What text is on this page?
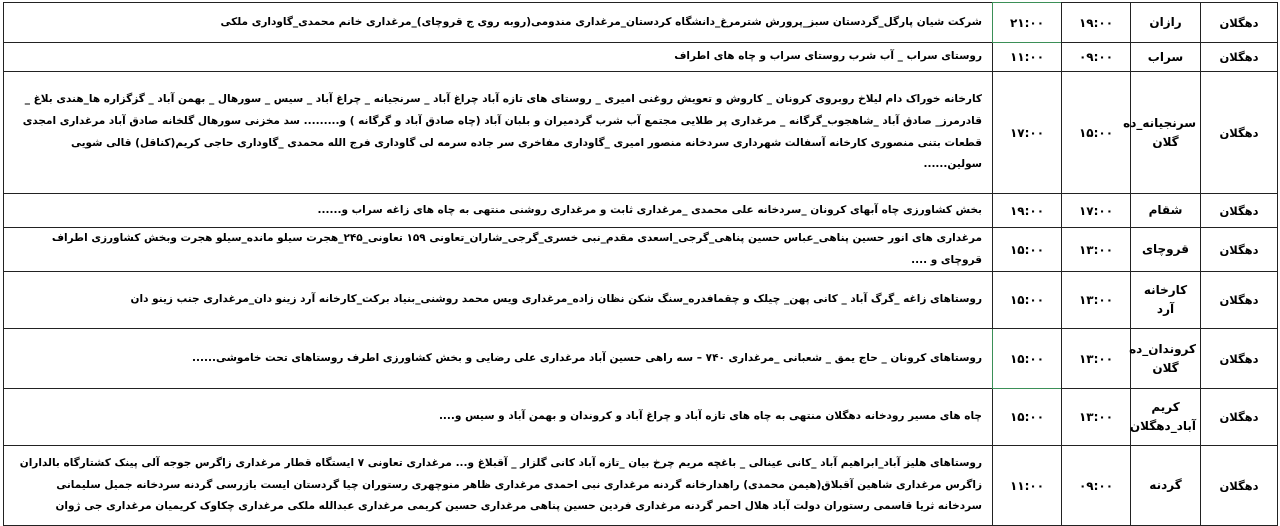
دهگلان	رازان	۱۹:۰۰	۲۱:۰۰	شرکت شیان پارگل_گردستان سبز_پرورش شترمرغ_دانشگاه کردستان_مرغداری مندومی(روبه روی ج قروچای)_مرغداری خانم محمدی_گاوداری ملکی
دهگلان	سراب	۰۹:۰۰	۱۱:۰۰	روستای سراب _ آب شرب روستای سراب و چاه های اطراف
دهگلان	سرنجیانه_ده گلان	۱۵:۰۰	۱۷:۰۰	کارخانه خوراک دام لیلاخ روبروی کرونان _ کاروش و تعویش روغنی امیری _ روستای های تازه آباد چراغ آباد _ سرنجیانه _ چراغ آباد _ سیس _ سورهال _ بهمن آباد _ گزگزاره ها_هندی بلاغ _ قادرمرز_ صادق آباد _شاهجوب_گرگانه _ مرغداری پر طلایی مجتمع آب شرب گردمیران و بلبان آباد (چاه صادق آباد و گرگانه ) و......... سد مخزنی سورهال گلخانه صادق آباد مرغداری امجدی قطعات بتنی منصوری کارخانه آسفالت شهرداری سردخانه منصور امیری _گاوداری مفاخری سر جاده سرمه لی گاوداری فرج الله محمدی _گاوداری حاجی کریم(کناقل) قالی شویی سولین......
دهگلان	شقام	۱۷:۰۰	۱۹:۰۰	بخش کشاورزی چاه آبهای کرونان _سردخانه علی محمدی _مرغداری ثابت و مرغداری روشنی منتهی به چاه های زاغه سراب و......
دهگلان	قروچای	۱۳:۰۰	۱۵:۰۰	مرغداری های انور حسین پناهی_عباس حسین پناهی_گرجی_اسعدی مقدم_نبی خسری_گرجی_شاران_تعاونی ۱۵۹ تعاونی_۲۴۵_هجرت سیلو مانده_سیلو هجرت وبخش کشاورزی اطراف قروچای و ....
دهگلان	کارخانه آرد	۱۳:۰۰	۱۵:۰۰	روستاهای زاغه _گرگ آباد _ کانی پهن_ چیلک و چقمافدره_سنگ شکن نظان زاده_مرغداری ویس محمد روشنی_بنیاد برکت_کارخانه آرد زینو دان_مرغداری جنب زینو دان
دهگلان	کروندان_ده گلان	۱۳:۰۰	۱۵:۰۰	روستاهای کرونان _ حاج یمق _ شعبانی _مرغداری ۷۴۰ – سه راهی حسین آباد مرغداری علی رضایی و بخش کشاورزی اطرف روستاهای تحت خاموشی......
دهگلان	کریم آباد_دهگلان	۱۳:۰۰	۱۵:۰۰	چاه های مسیر رودخانه دهگلان منتهی به چاه های تازه آباد و چراغ آباد و کروندان و بهمن آباد و سیس و....
دهگلان	گردنه	۰۹:۰۰	۱۱:۰۰	روستاهای هلیز آباد_ابراهیم آباد _کانی عینالی _ باغچه مریم چرخ بیان _تازه آباد کانی گلزار _ آقبلاغ و... مرغداری تعاونی ۷ ایستگاه قطار مرغداری زاگرس جوجه آلی پینک کشتارگاه بالداران زاگرس مرغداری شاهین آقبلاق(هیمن محمدی) راهدارخانه گردنه مرغداری نبی احمدی مرغداری ظاهر منوچهری رستوران چیا گردستان ایست بازرسی گردنه سردخانه جمیل سلیمانی سردخانه ثریا قاسمی رستوران دولت آباد هلال احمر گردنه مرغداری فردین حسین پناهی مرغداری حسین کریمی مرغداری عبدالله ملکی مرغداری چکاوک کریمیان مرغداری جی ژوان
